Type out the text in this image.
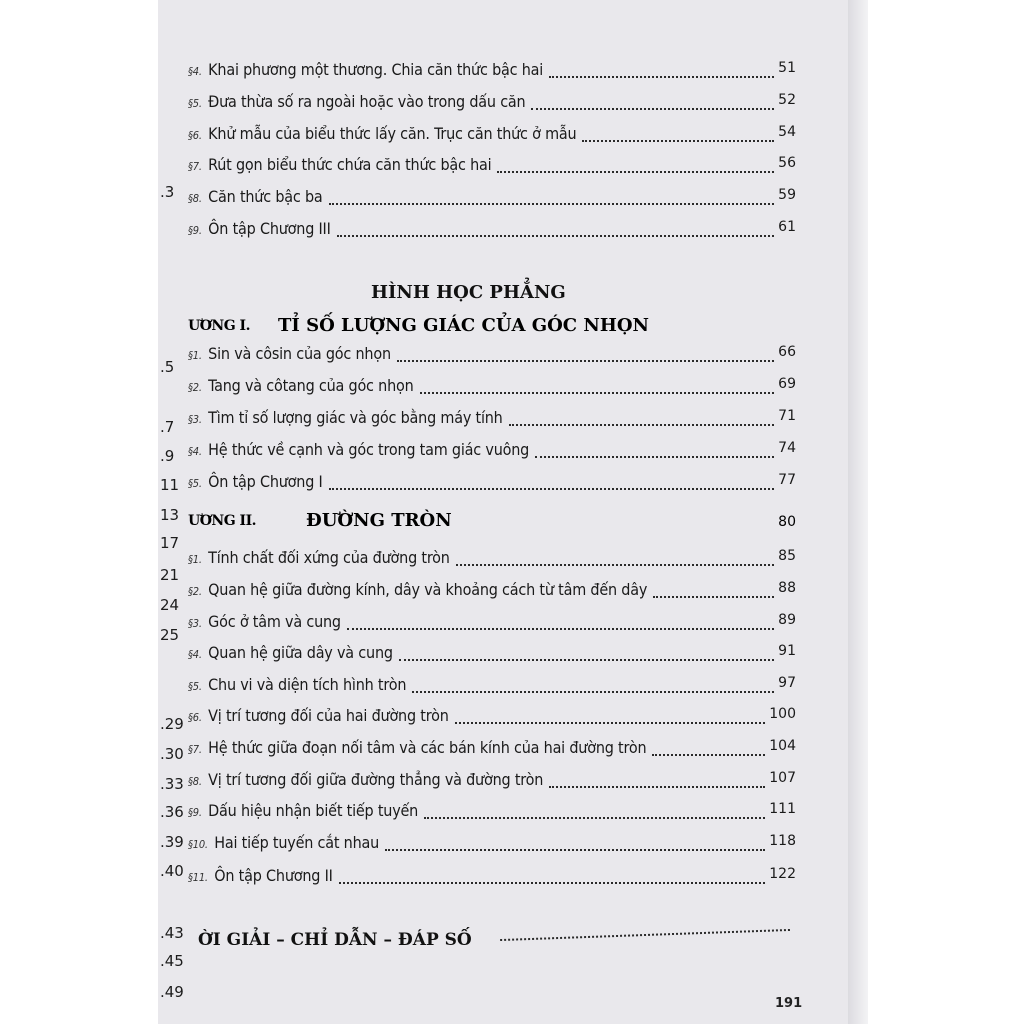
.3
.5
.7
.9
11
13
17
21
24
25
.29
.30
.33
.36
.39
.40
.43
.45
.49
§4. Khai phương một thương. Chia căn thức bậc hai	51
§5. Đưa thừa số ra ngoài hoặc vào trong dấu căn	52
§6. Khử mẫu của biểu thức lấy căn. Trục căn thức ở mẫu	54
§7. Rút gọn biểu thức chứa căn thức bậc hai	56
§8. Căn thức bậc ba	59
§9. Ôn tập Chương III	61
HÌNH HỌC PHẲNG
ƯƠNG I. TỈ SỐ LƯỢNG GIÁC CỦA GÓC NHỌN
§1. Sin và côsin của góc nhọn	66
§2. Tang và côtang của góc nhọn	69
§3. Tìm tỉ số lượng giác và góc bằng máy tính	71
§4. Hệ thức về cạnh và góc trong tam giác vuông	74
§5. Ôn tập Chương I	77
ƯƠNG II.	ĐƯỜNG TRÒN	80
§1. Tính chất đối xứng của đường tròn	85
§2. Quan hệ giữa đường kính, dây và khoảng cách từ tâm đến dây	88
§3. Góc ở tâm và cung	89
§4. Quan hệ giữa dây và cung	91
§5. Chu vi và diện tích hình tròn	97
§6. Vị trí tương đối của hai đường tròn	100
§7. Hệ thức giữa đoạn nối tâm và các bán kính của hai đường tròn	104
§8. Vị trí tương đối giữa đường thẳng và đường tròn	107
§9. Dấu hiệu nhận biết tiếp tuyến	111
§10. Hai tiếp tuyến cắt nhau	118
§11. Ôn tập Chương II	122
ỜI GIẢI – CHỈ DẪN – ĐÁP SỐ
191
